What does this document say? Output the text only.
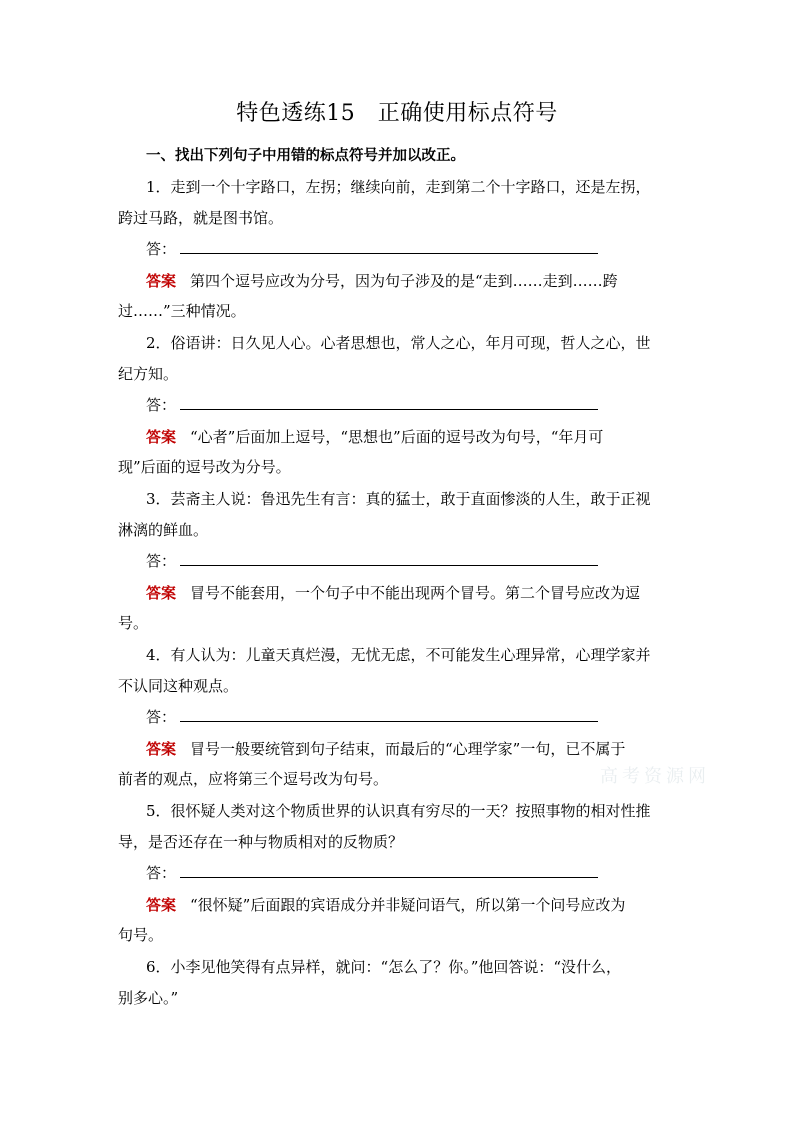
特色透练15　正确使用标点符号
一、找出下列句子中用错的标点符号并加以改正。
1．走到一个十字路口，左拐；继续向前，走到第二个十字路口，还是左拐，
跨过马路，就是图书馆。
答：
答案 第四个逗号应改为分号，因为句子涉及的是“走到……走到……跨
过……”三种情况。
2．俗语讲：日久见人心。心者思想也，常人之心，年月可现，哲人之心，世
纪方知。
答：
答案 “心者”后面加上逗号，“思想也”后面的逗号改为句号，“年月可
现”后面的逗号改为分号。
3．芸斋主人说：鲁迅先生有言：真的猛士，敢于直面惨淡的人生，敢于正视
淋漓的鲜血。
答：
答案 冒号不能套用，一个句子中不能出现两个冒号。第二个冒号应改为逗
号。
4．有人认为：儿童天真烂漫，无忧无虑，不可能发生心理异常，心理学家并
不认同这种观点。
答：
答案 冒号一般要统管到句子结束，而最后的“心理学家”一句，已不属于
前者的观点，应将第三个逗号改为句号。
5．很怀疑人类对这个物质世界的认识真有穷尽的一天？按照事物的相对性推
导，是否还存在一种与物质相对的反物质？
答：
答案 “很怀疑”后面跟的宾语成分并非疑问语气，所以第一个问号应改为
句号。
6．小李见他笑得有点异样，就问：“怎么了？你。”他回答说：“没什么，
别多心。”
高考资源网
